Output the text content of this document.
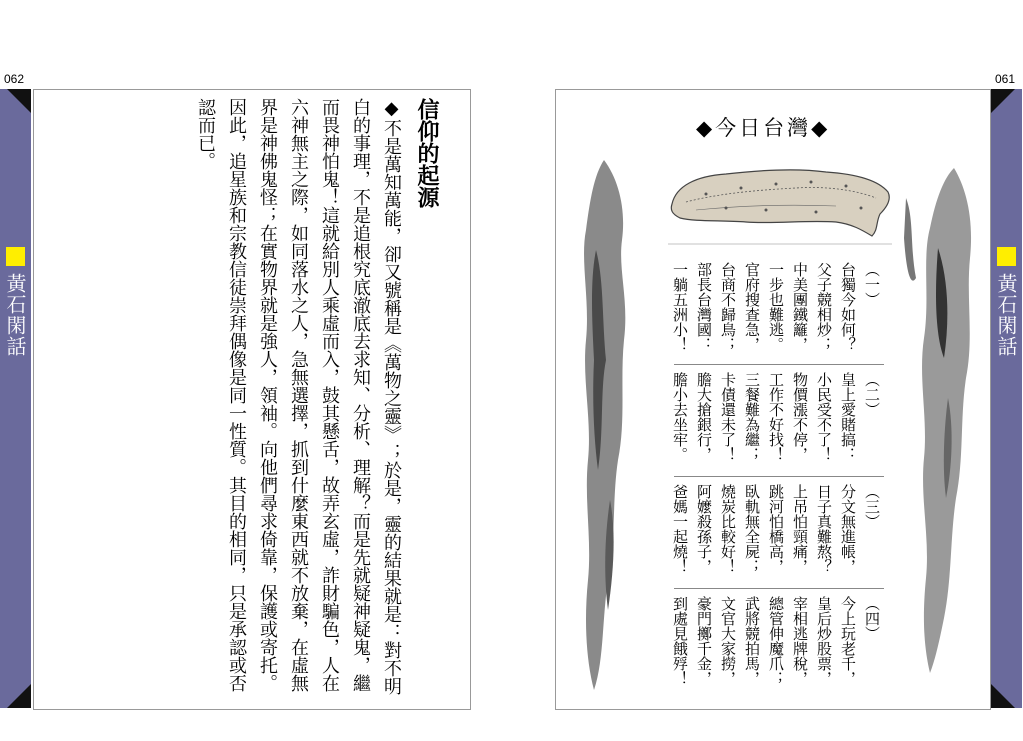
062	061
黃石閑話	黃石閑話
信仰的起源

◆不是萬知萬能，卻又號稱是《萬物之靈》；於是，靈的結果就是：對不明白的事理，不是追根究底澈底去求知、分析、理解？而是先就疑神疑鬼，繼而畏神怕鬼！這就給別人乘虛而入，鼓其懸舌，故弄玄虛，詐財騙色，人在六神無主之際，如同落水之人，急無選擇，抓到什麼東西就不放棄，在虛無界是神佛鬼怪；在實物界就是強人，領袖。向他們尋求倚靠，保護或寄托。因此，追星族和宗教信徒崇拜偶像是同一性質。其目的相同，只是承認或否認而已。	◆今日台灣◆
（一）
台獨今如何？
父子競相炒；
中美團鐵籬，
一步也難逃。
官府搜查急，
台商不歸鳥；
部長台灣國：
一躺五洲小！
（二）
皇上愛賭搞：
小民受不了！
物價漲不停，
工作不好找！
三餐難為繼；
卡債還未了！
膽大搶銀行，
膽小去坐牢。
（三）
分文無進帳，
日子真難熬？
上吊怕頸痛，
跳河怕橋高，
臥軌無全屍；
燒炭比較好！
阿嬤殺孫子，
爸媽一起燒！
（四）
今上玩老千，
皇后炒股票，
宰相逃牌稅，
總管伸魔爪；
武將競拍馬，
文官大家撈，
豪門擲千金，
到處見餓殍！
